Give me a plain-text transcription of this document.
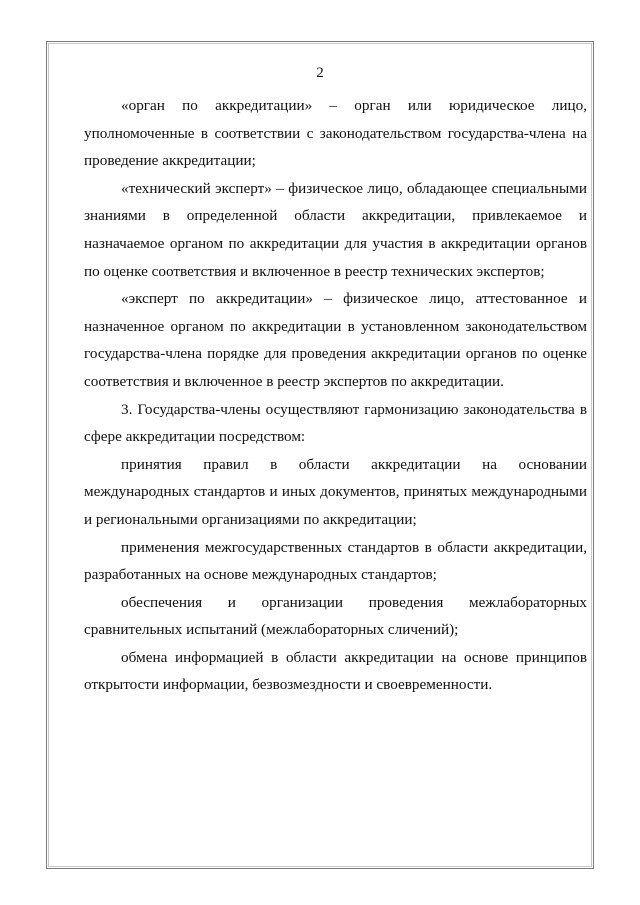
2

«орган по аккредитации» – орган или юридическое лицо, уполномоченные в соответствии с законодательством государства-члена на проведение аккредитации;

«технический эксперт» – физическое лицо, обладающее специальными знаниями в определенной области аккредитации, привлекаемое и назначаемое органом по аккредитации для участия в аккредитации органов по оценке соответствия и включенное в реестр технических экспертов;

«эксперт по аккредитации» – физическое лицо, аттестованное и назначенное органом по аккредитации в установленном законодательством государства-члена порядке для проведения аккредитации органов по оценке соответствия и включенное в реестр экспертов по аккредитации.

3. Государства-члены осуществляют гармонизацию законодательства в сфере аккредитации посредством:

принятия правил в области аккредитации на основании международных стандартов и иных документов, принятых международными и региональными организациями по аккредитации;

применения межгосударственных стандартов в области аккредитации, разработанных на основе международных стандартов;

обеспечения и организации проведения межлабораторных сравнительных испытаний (межлабораторных сличений);

обмена информацией в области аккредитации на основе принципов открытости информации, безвозмездности и своевременности.
